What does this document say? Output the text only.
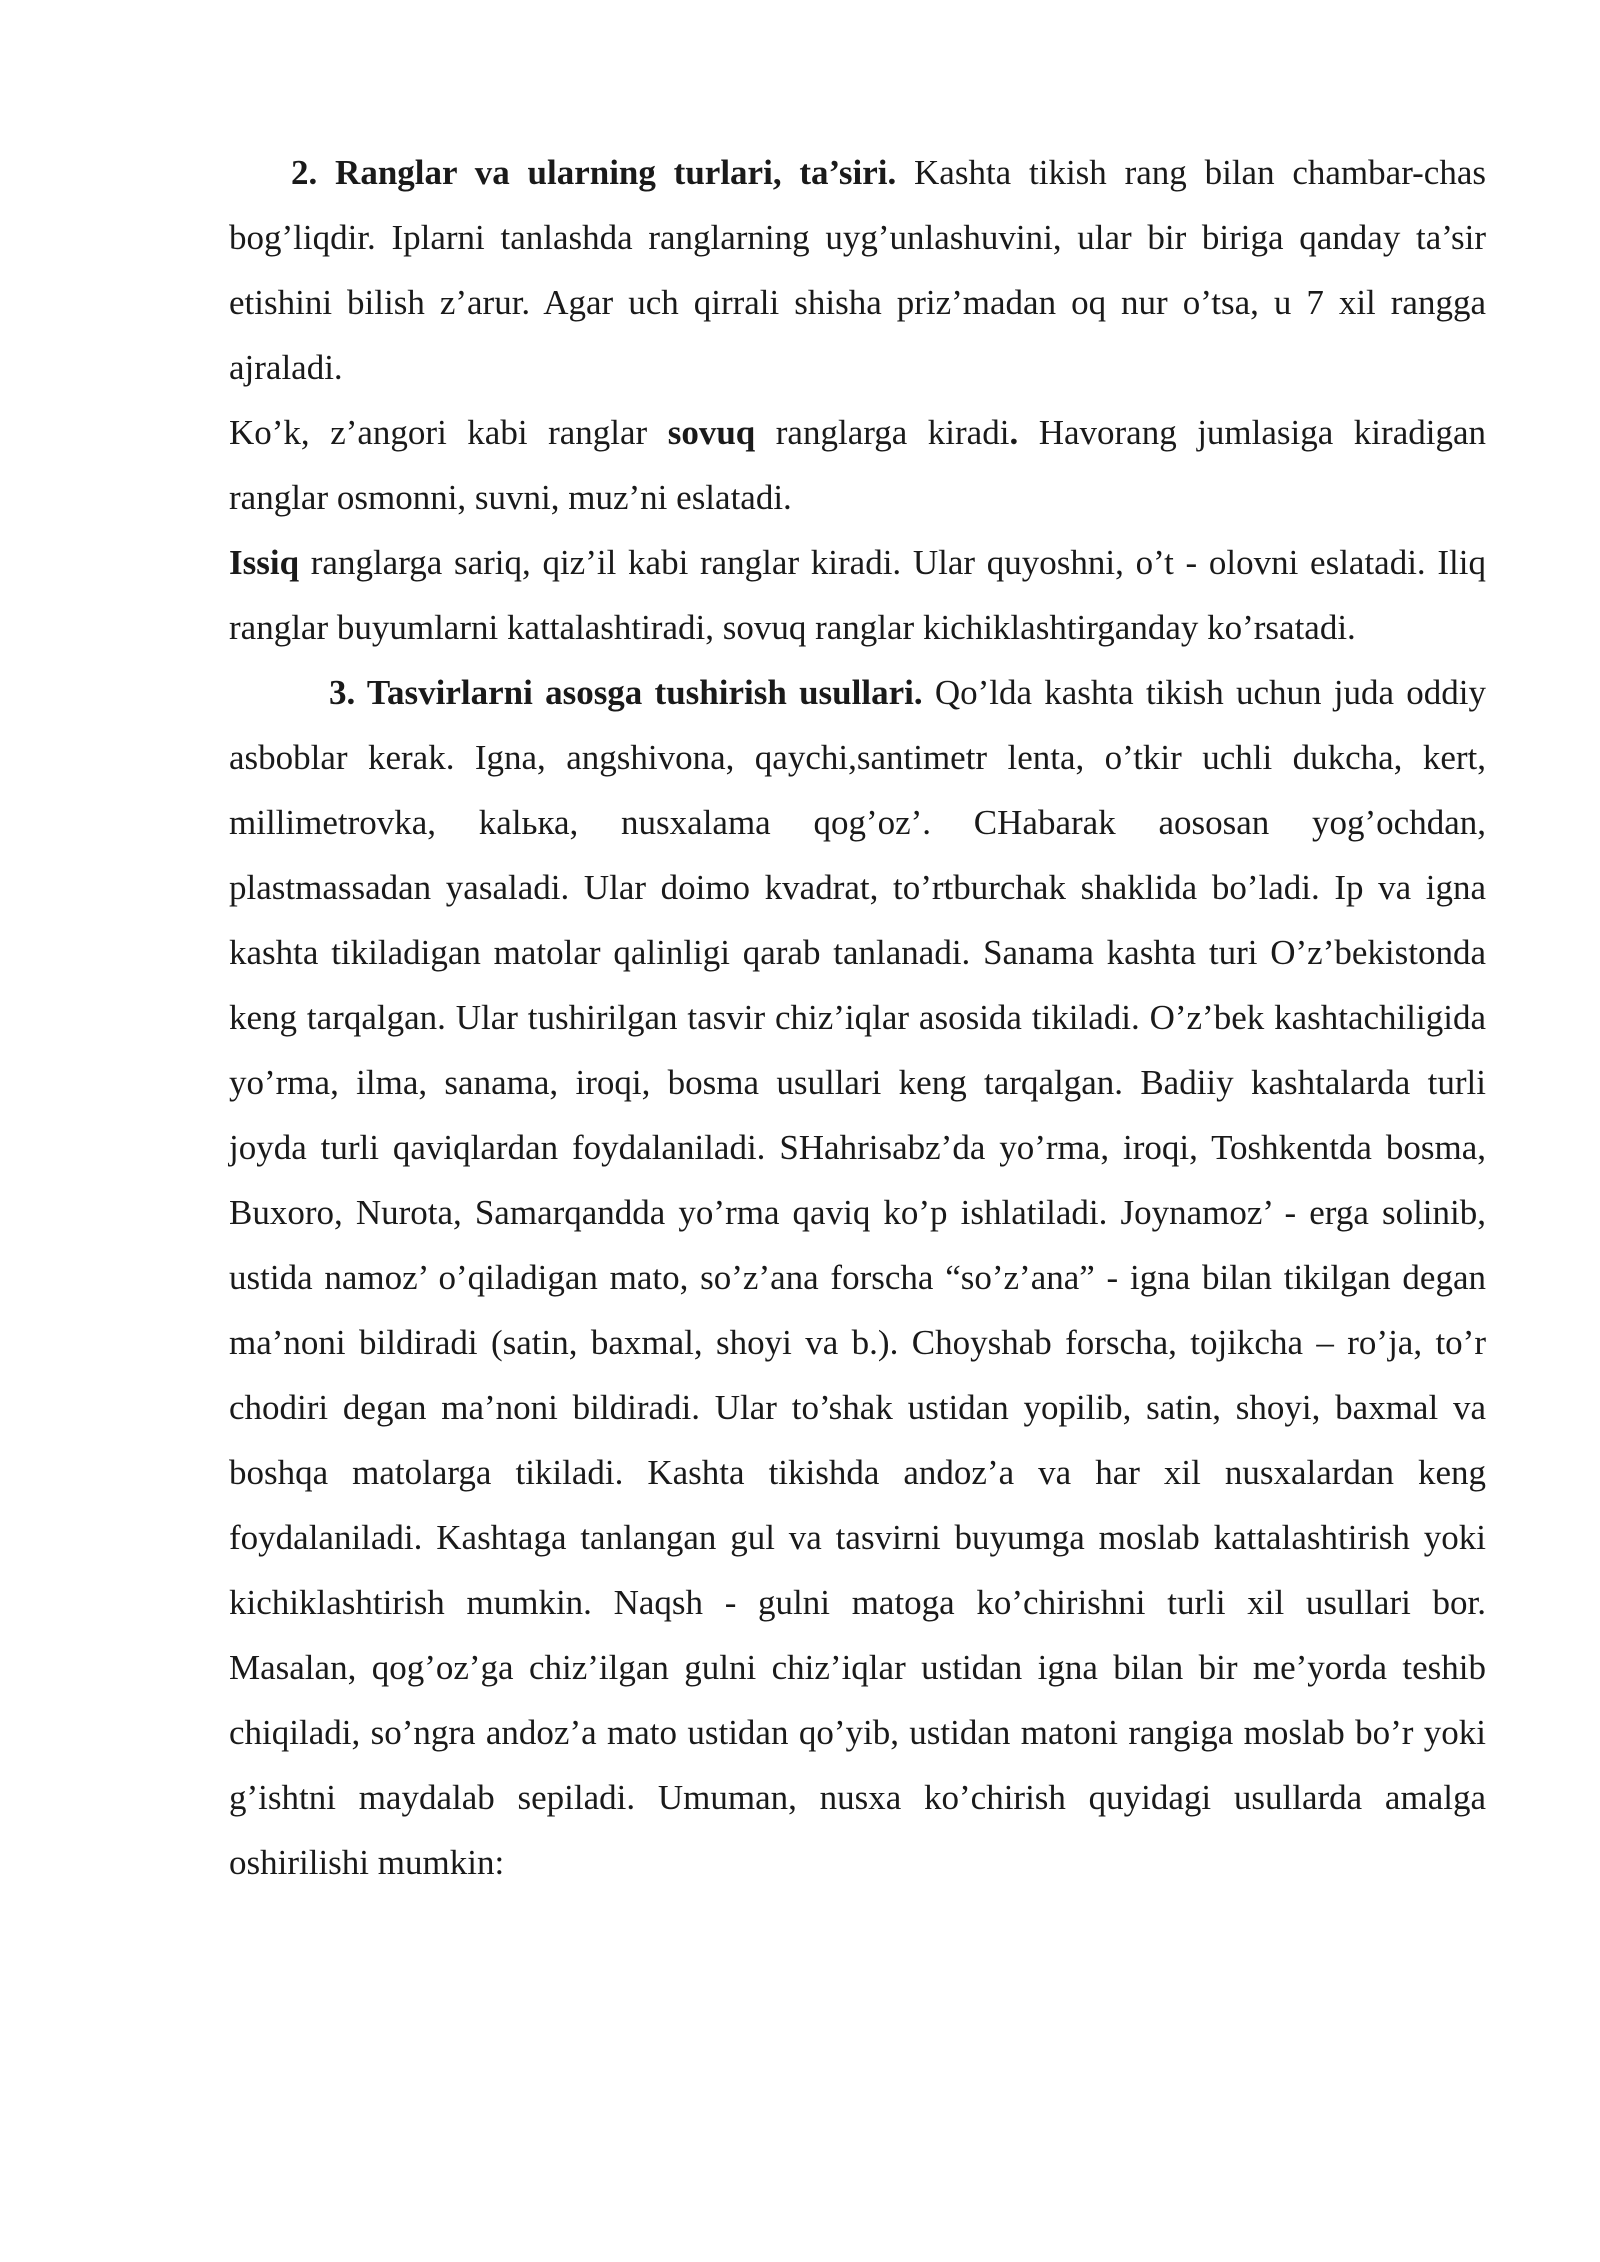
2. Ranglar va ularning turlari, ta’siri. Kashta tikish rang bilan chambar-chas bog’liqdir. Iplarni tanlashda ranglarning uyg’unlashuvini, ular bir biriga qanday ta’sir etishini bilish z’arur. Agar uch qirrali shisha priz’madan oq nur o’tsa, u 7 xil rangga ajraladi.

Ko’k, z’angori kabi ranglar sovuq ranglarga kiradi. Havorang jumlasiga kiradigan ranglar osmonni, suvni, muz’ni eslatadi.

Issiq ranglarga sariq, qiz’il kabi ranglar kiradi. Ular quyoshni, o’t - olovni eslatadi. Iliq ranglar buyumlarni kattalashtiradi, sovuq ranglar kichiklashtirganday ko’rsatadi.

3. Tasvirlarni asosga tushirish usullari. Qo’lda kashta tikish uchun juda oddiy asboblar kerak. Igna, angshivona, qaychi,santimetr lenta, o’tkir uchli dukcha, kert, millimetrovka, kalька, nusxalama qog’oz’. CHabarak aososan yog’ochdan, plastmassadan yasaladi. Ular doimo kvadrat, to’rtburchak shaklida bo’ladi. Ip va igna kashta tikiladigan matolar qalinligi qarab tanlanadi. Sanama kashta turi O’z’bekistonda keng tarqalgan. Ular tushirilgan tasvir chiz’iqlar asosida tikiladi. O’z’bek kashtachiligida yo’rma, ilma, sanama, iroqi, bosma usullari keng tarqalgan. Badiiy kashtalarda turli joyda turli qaviqlardan foydalaniladi. SHahrisabz’da yo’rma, iroqi, Toshkentda bosma, Buxoro, Nurota, Samarqandda yo’rma qaviq ko’p ishlatiladi. Joynamoz’ - erga solinib, ustida namoz’ o’qiladigan mato, so’z’ana forscha “so’z’ana” - igna bilan tikilgan degan ma’noni bildiradi (satin, baxmal, shoyi va b.). Choyshab forscha, tojikcha – ro’ja, to’r chodiri degan ma’noni bildiradi. Ular to’shak ustidan yopilib, satin, shoyi, baxmal va boshqa matolarga tikiladi. Kashta tikishda andoz’a va har xil nusxalardan keng foydalaniladi. Kashtaga tanlangan gul va tasvirni buyumga moslab kattalashtirish yoki kichiklashtirish mumkin. Naqsh - gulni matoga ko’chirishni turli xil usullari bor. Masalan, qog’oz’ga chiz’ilgan gulni chiz’iqlar ustidan igna bilan bir me’yorda teshib chiqiladi, so’ngra andoz’a mato ustidan qo’yib, ustidan matoni rangiga moslab bo’r yoki g’ishtni maydalab sepiladi. Umuman, nusxa ko’chirish quyidagi usullarda amalga oshirilishi mumkin:
